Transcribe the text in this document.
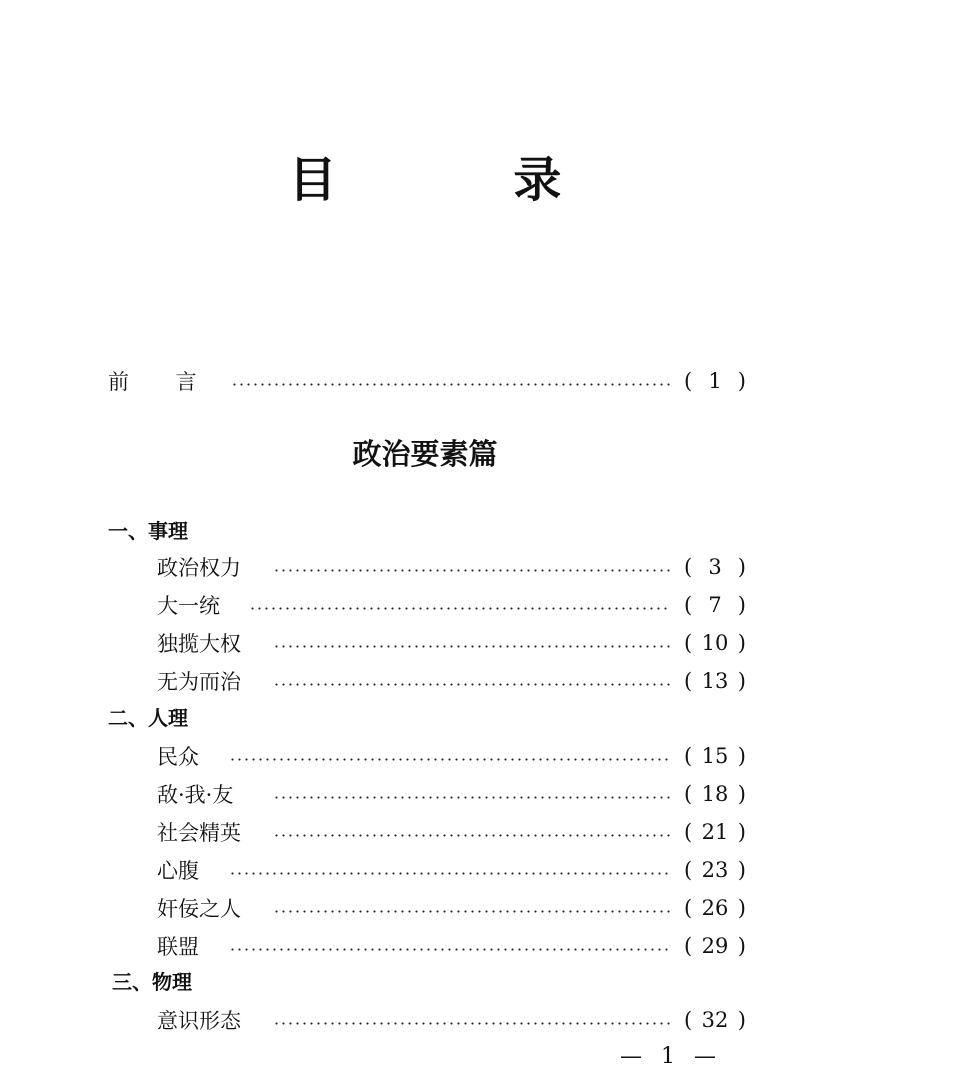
目 录
前 言	( 1 )
政治要素篇
一、事理
政治权力	( 3 )
大一统	( 7 )
独揽大权	( 10 )
无为而治	( 13 )
二、人理
民众	( 15 )
敌·我·友	( 18 )
社会精英	( 21 )
心腹	( 23 )
奸佞之人	( 26 )
联盟	( 29 )
三、物理
意识形态	( 32 )
— 1 —
